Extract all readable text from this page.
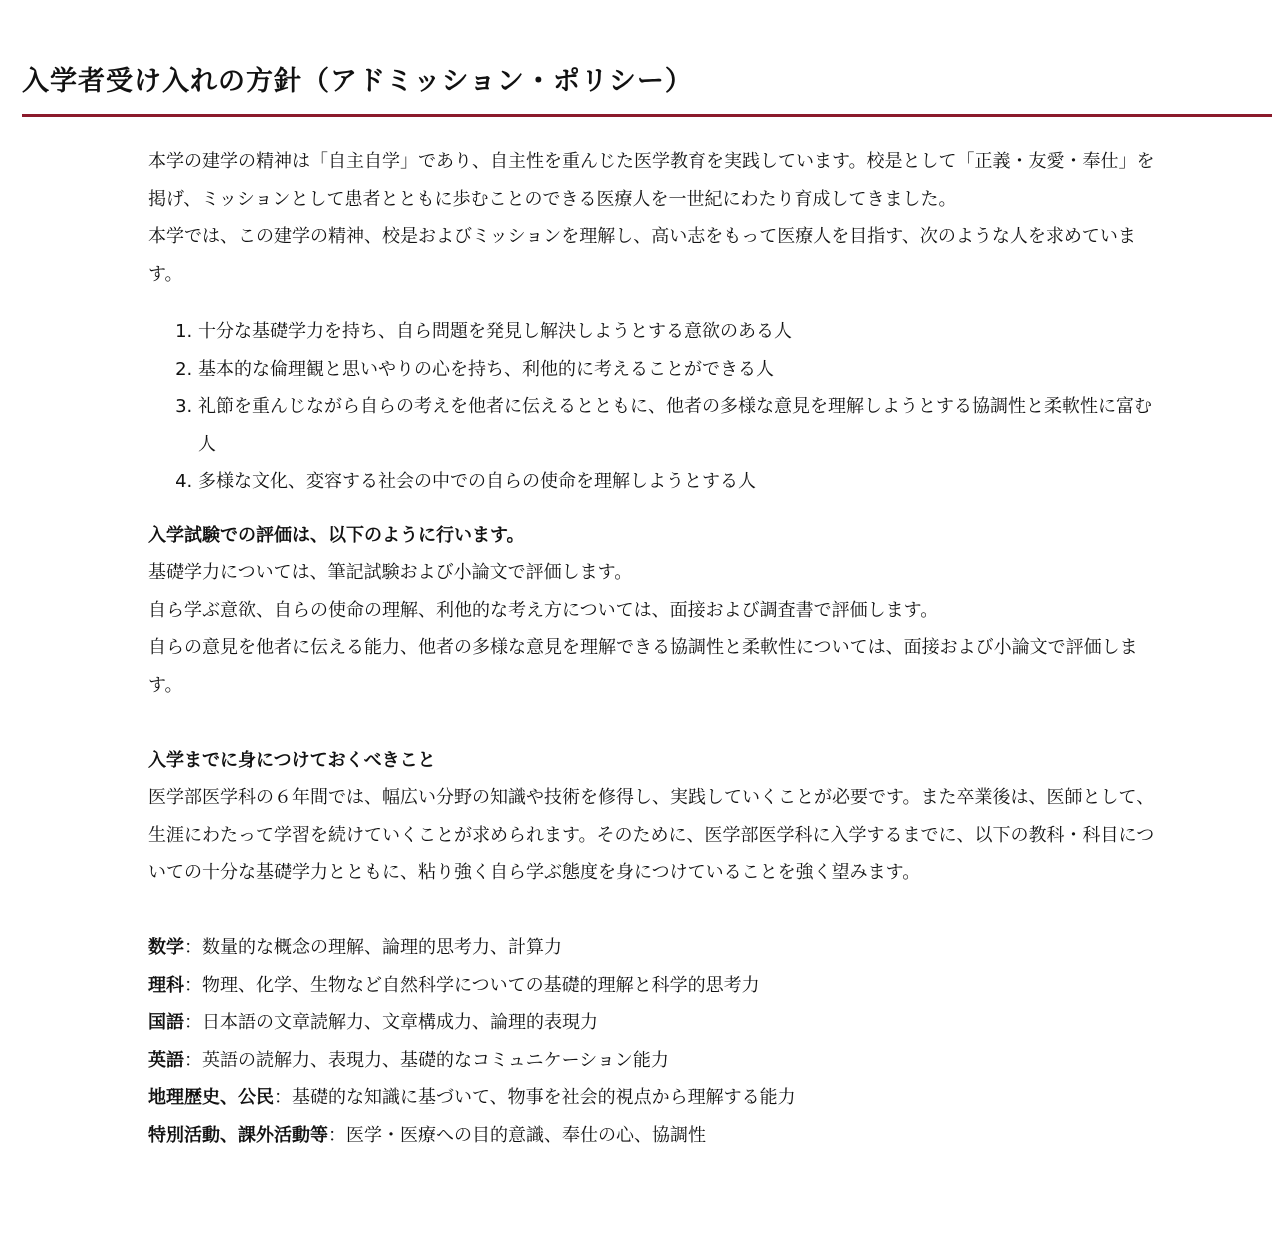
入学者受け入れの方針（アドミッション・ポリシー）

本学の建学の精神は「自主自学」であり、自主性を重んじた医学教育を実践しています。校是として「正義・友愛・奉仕」を掲げ、ミッションとして患者とともに歩むことのできる医療人を一世紀にわたり育成してきました。

本学では、この建学の精神、校是およびミッションを理解し、高い志をもって医療人を目指す、次のような人を求めています。

1. 十分な基礎学力を持ち、自ら問題を発見し解決しようとする意欲のある人
2. 基本的な倫理観と思いやりの心を持ち、利他的に考えることができる人
3. 礼節を重んじながら自らの考えを他者に伝えるとともに、他者の多様な意見を理解しようとする協調性と柔軟性に富む人
4. 多様な文化、変容する社会の中での自らの使命を理解しようとする人

入学試験での評価は、以下のように行います。

基礎学力については、筆記試験および小論文で評価します。

自ら学ぶ意欲、自らの使命の理解、利他的な考え方については、面接および調査書で評価します。

自らの意見を他者に伝える能力、他者の多様な意見を理解できる協調性と柔軟性については、面接および小論文で評価します。

入学までに身につけておくべきこと

医学部医学科の６年間では、幅広い分野の知識や技術を修得し、実践していくことが必要です。また卒業後は、医師として、生涯にわたって学習を続けていくことが求められます。そのために、医学部医学科に入学するまでに、以下の教科・科目についての十分な基礎学力とともに、粘り強く自ら学ぶ態度を身につけていることを強く望みます。

数学：数量的な概念の理解、論理的思考力、計算力

理科：物理、化学、生物など自然科学についての基礎的理解と科学的思考力

国語：日本語の文章読解力、文章構成力、論理的表現力

英語：英語の読解力、表現力、基礎的なコミュニケーション能力

地理歴史、公民：基礎的な知識に基づいて、物事を社会的視点から理解する能力

特別活動、課外活動等：医学・医療への目的意識、奉仕の心、協調性
